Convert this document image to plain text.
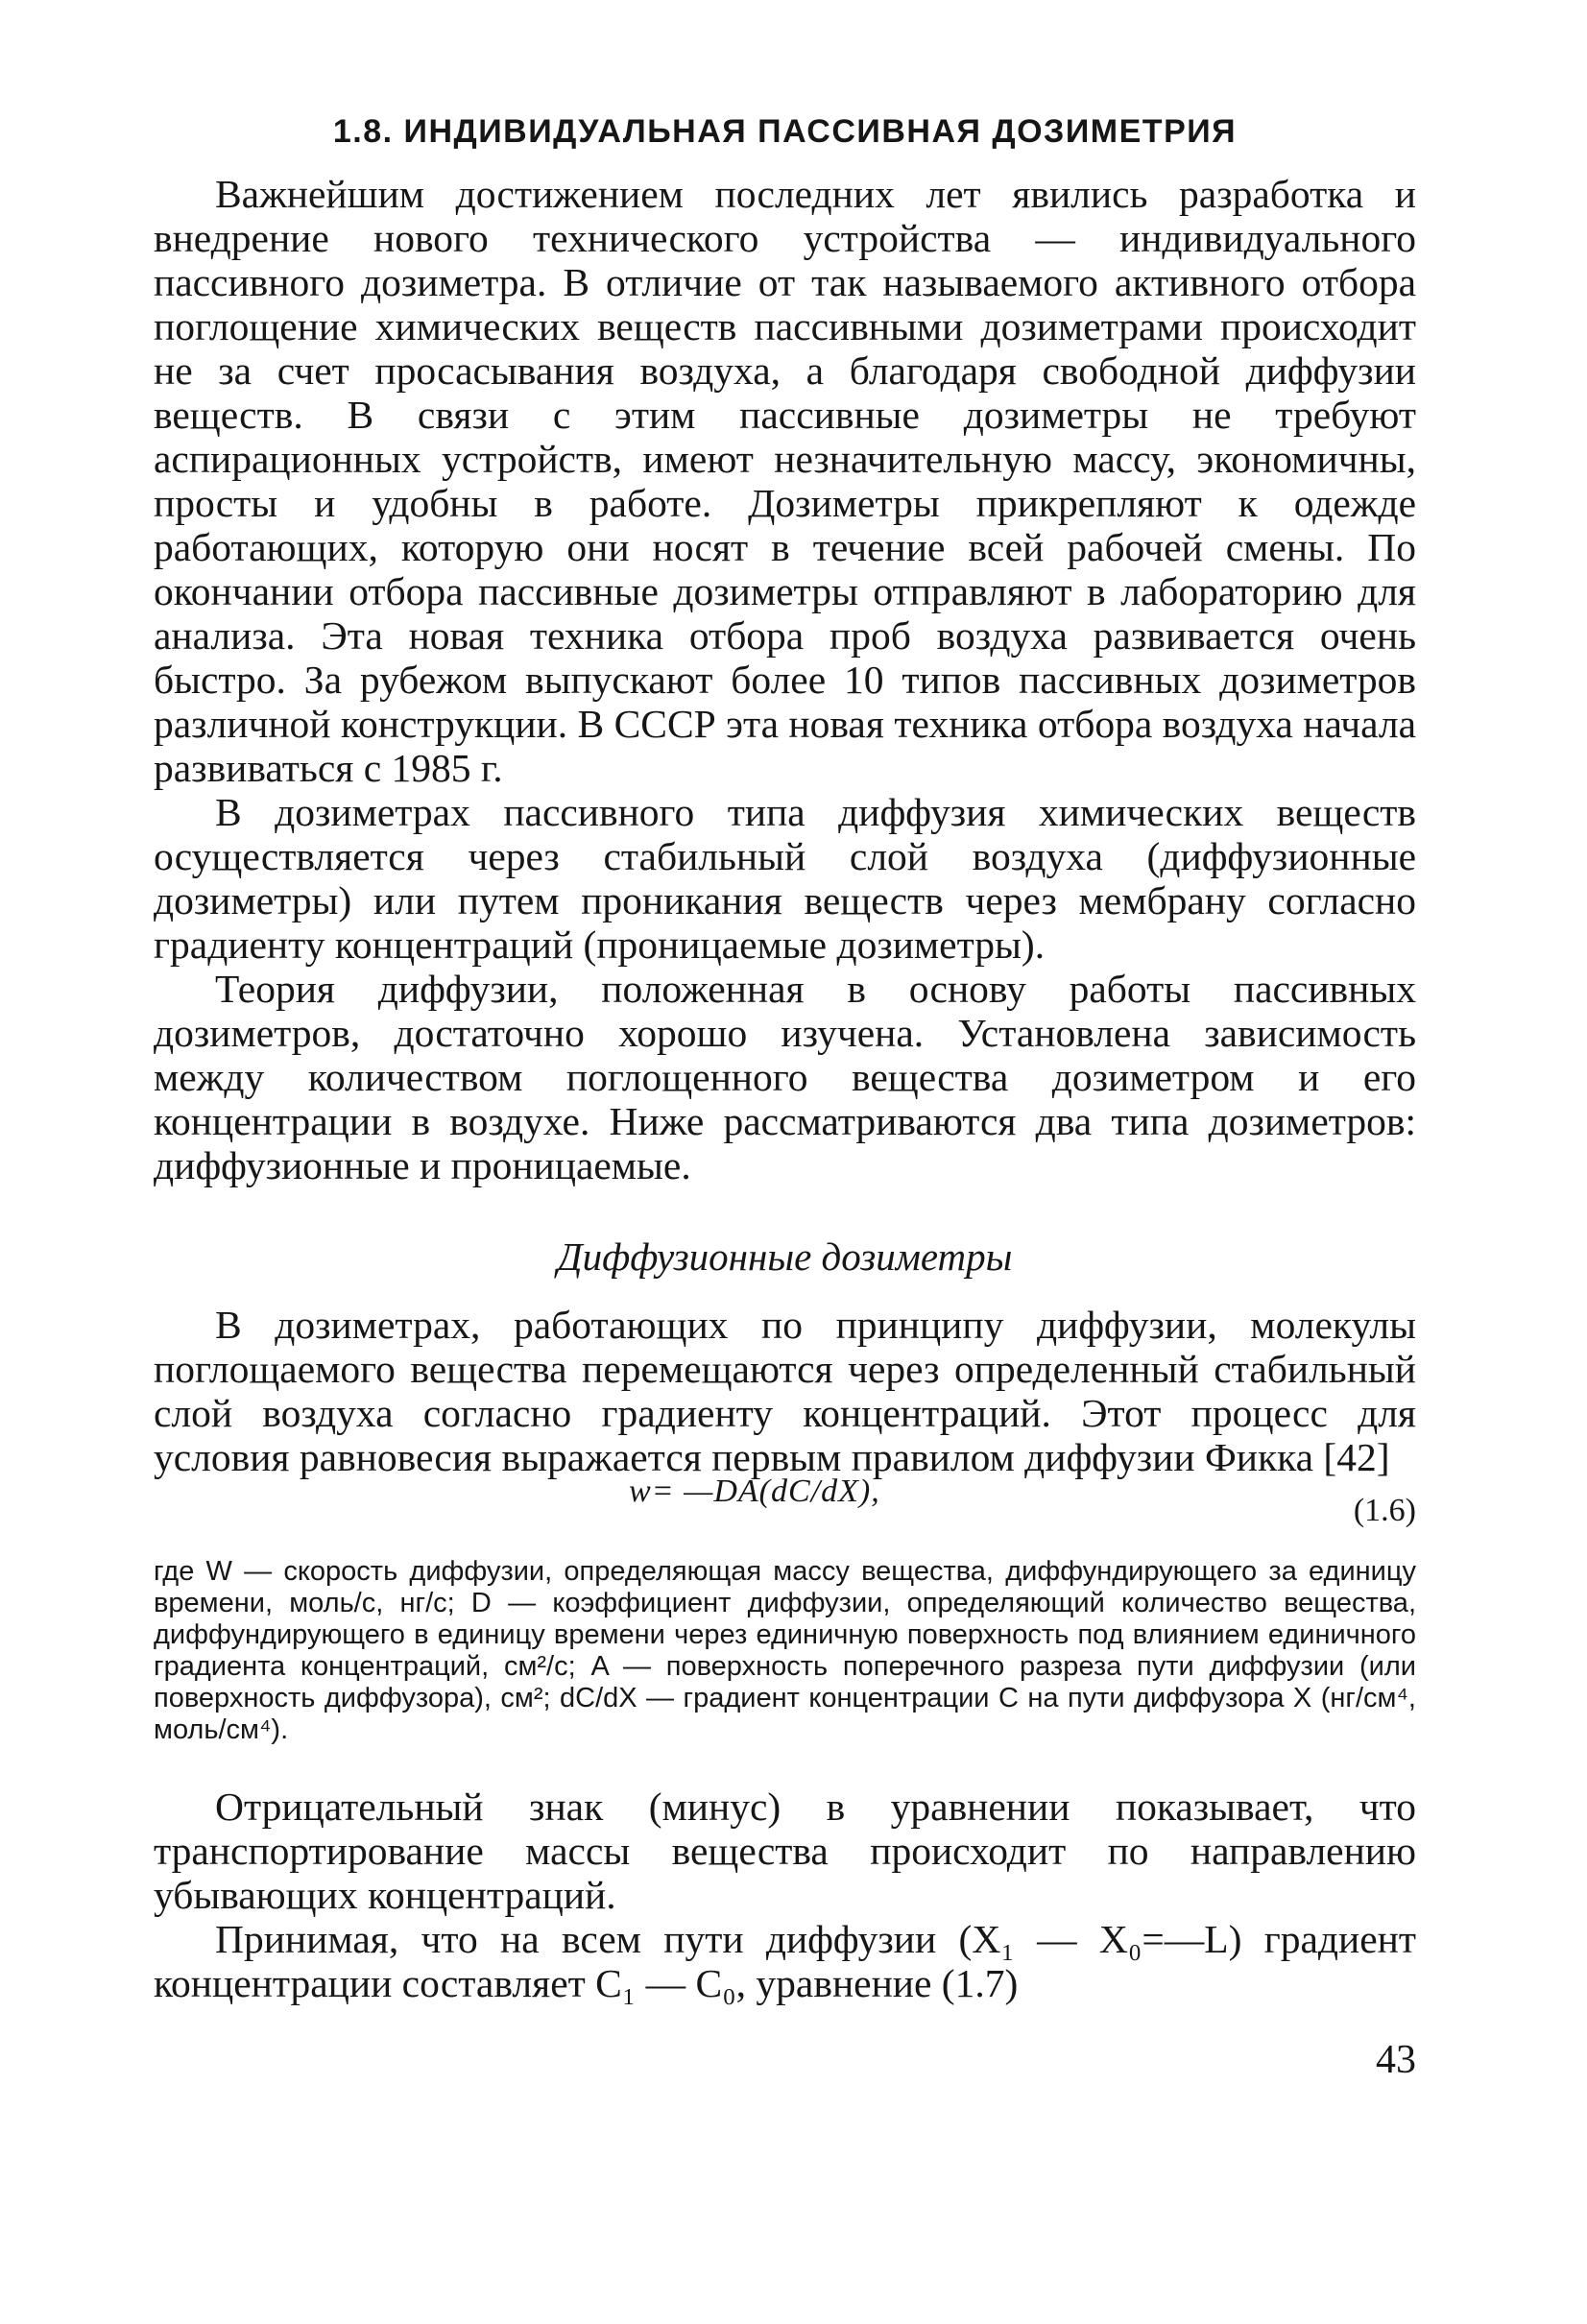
1.8. ИНДИВИДУАЛЬНАЯ ПАССИВНАЯ ДОЗИМЕТРИЯ

Важнейшим достижением последних лет явились разработка и внедрение нового технического устройства — индивидуального пассивного дозиметра. В отличие от так называемого активного отбора поглощение химических веществ пассивными дозиметрами происходит не за счет просасывания воздуха, а благодаря свободной диффузии веществ. В связи с этим пассивные дозиметры не требуют аспирационных устройств, имеют незначительную массу, экономичны, просты и удобны в работе. Дозиметры прикрепляют к одежде работающих, которую они носят в течение всей рабочей смены. По окончании отбора пассивные дозиметры отправляют в лабораторию для анализа. Эта новая техника отбора проб воздуха развивается очень быстро. За рубежом выпускают более 10 типов пассивных дозиметров различной конструкции. В СССР эта новая техника отбора воздуха начала развиваться с 1985 г.

В дозиметрах пассивного типа диффузия химических веществ осуществляется через стабильный слой воздуха (диффузионные дозиметры) или путем проникания веществ через мембрану согласно градиенту концентраций (проницаемые дозиметры).

Теория диффузии, положенная в основу работы пассивных дозиметров, достаточно хорошо изучена. Установлена зависимость между количеством поглощенного вещества дозиметром и его концентрации в воздухе. Ниже рассматриваются два типа дозиметров: диффузионные и проницаемые.

Диффузионные дозиметры

В дозиметрах, работающих по принципу диффузии, молекулы поглощаемого вещества перемещаются через определенный стабильный слой воздуха согласно градиенту концентраций. Этот процесс для условия равновесия выражается первым правилом диффузии Фикка [42]

w= —DA(dC/dX),
(1.6)
где W — скорость диффузии, определяющая массу вещества, диффундирующего за единицу времени, моль/с, нг/с; D — коэффициент диффузии, определяющий количество вещества, диффундирующего в единицу времени через единичную поверхность под влиянием единичного градиента концентраций, см²/с; A — поверхность поперечного разреза пути диффузии (или поверхность диффузора), см²; dC/dX — градиент концентрации C на пути диффузора X (нг/см⁴, моль/см⁴).

Отрицательный знак (минус) в уравнении показывает, что транспортирование массы вещества происходит по направлению убывающих концентраций.

Принимая, что на всем пути диффузии (X₁ — X₀=—L) градиент концентрации составляет C₁ — C₀, уравнение (1.7)

43
